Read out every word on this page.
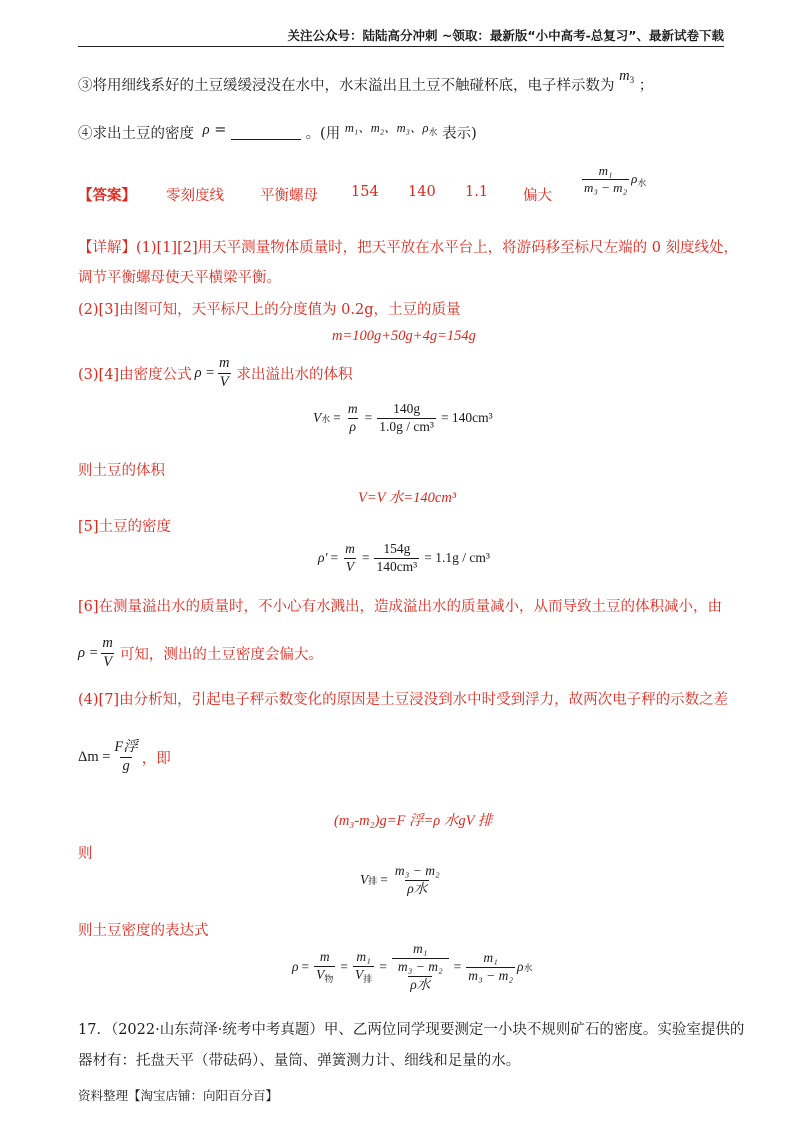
关注公众号：陆陆高分冲刺 ~领取：最新版“小中高考-总复习”、最新试卷下载
③将用细线系好的土豆缓缓浸没在水中，水末溢出且土豆不触碰杯底，电子样示数为 $m_3$ ；
④求出土豆的密度 ρ =	。(用 m₁、m₂、m₃、$\rho_水$ 表示)
【答案】 零刻度线 平衡螺母 154 140 1.1 偏大
$\frac{\text{m₁}}{\text{m₃ − m₂}} \rho_水$
【详解】(1)[1][2]用天平测量物体质量时，把天平放在水平台上，将游码移至标尺左端的 0 刻度线处，
调节平衡螺母使天平横梁平衡。
(2)[3]由图可知，天平标尺上的分度值为 0.2g，土豆的质量
m=100g+50g+4g=154g
(3)[4]由密度公式 $\rho = \frac{m}{V}$ 求出溢出水的体积
V 水 = $\frac{m}{\rho} = \frac{140g}{\text{1.0g / cm³}} = 140cm^3$
则土豆的体积
V=V 水=140cm³
[5]土豆的密度
$\rho' = \frac{m}{V} = \frac{154g}{\text{140cm³}} = 1.1g / cm^3$
[6]在测量溢出水的质量时，不小心有水溅出，造成溢出水的质量减小，从而导致土豆的体积减小，由
$\rho = \frac{m}{V}$ 可知，测出的土豆密度会偏大。
(4)[7]由分析知，引起电子秤示数变化的原因是土豆浸没到水中时受到浮力，故两次电子秤的示数之差
$\Delta m = \frac{\text{F浮}}{g}$ ，即
(m₃-m₂)g=F 浮=ρ 水gV 排
则
V 排 = $\frac{\text{m₃ − m₂}}{\text{ρ水}}$
则土豆密度的表达式
$\rho = \frac{m}{V_物} = \frac{\text{m₁}}{V_排} = \frac{\text{m₁}}{\frac{\text{m₃ − m₂}}{\text{ρ水}}} = \frac{\text{m₁}}{\text{m₃ − m₂}}$ ρ 水
17．（2022·山东菏泽·统考中考真题）甲、乙两位同学现要测定一小块不规则矿石的密度。实验室提供的
器材有：托盘天平（带砝码）、量筒、弹簧测力计、细线和足量的水。
资料整理【淘宝店铺：向阳百分百】
